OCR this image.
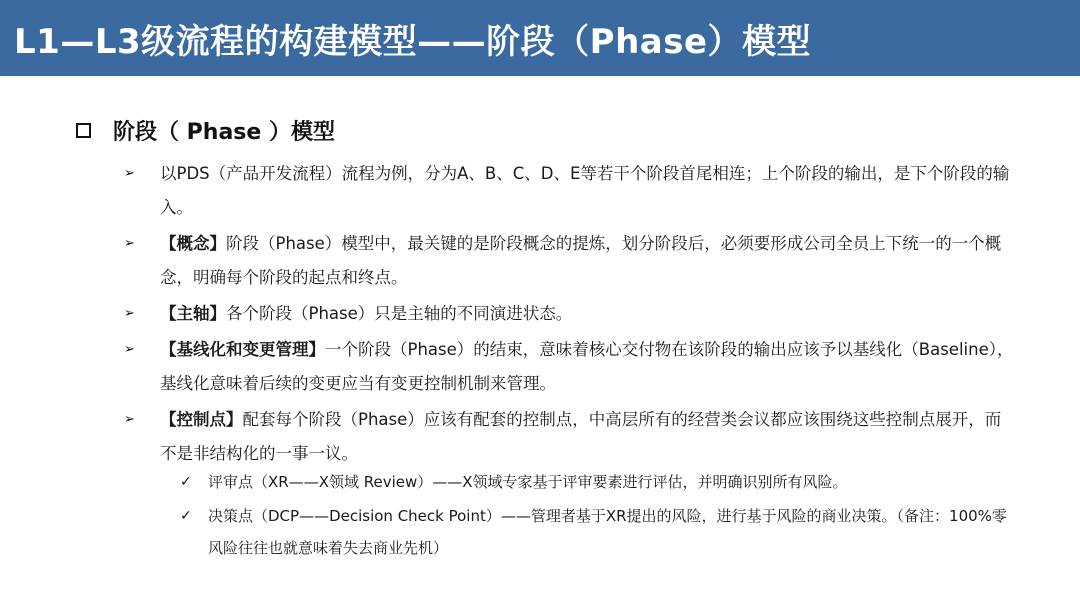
L1—L3级流程的构建模型——阶段（Phase）模型
阶段（ Phase ）模型
➢ 以PDS（产品开发流程）流程为例，分为A、B、C、D、E等若干个阶段首尾相连；上个阶段的输出，是下个阶段的输入。
➢ 【概念】阶段（Phase）模型中，最关键的是阶段概念的提炼，划分阶段后，必须要形成公司全员上下统一的一个概念，明确每个阶段的起点和终点。
➢ 【主轴】各个阶段（Phase）只是主轴的不同演进状态。
➢ 【基线化和变更管理】一个阶段（Phase）的结束，意味着核心交付物在该阶段的输出应该予以基线化（Baseline），基线化意味着后续的变更应当有变更控制机制来管理。
➢ 【控制点】配套每个阶段（Phase）应该有配套的控制点，中高层所有的经营类会议都应该围绕这些控制点展开，而不是非结构化的一事一议。
✓ 评审点（XR——X领域 Review）——X领域专家基于评审要素进行评估，并明确识别所有风险。
✓ 决策点（DCP——Decision Check Point）——管理者基于XR提出的风险，进行基于风险的商业决策。（备注：100%零风险往往也就意味着失去商业先机）
